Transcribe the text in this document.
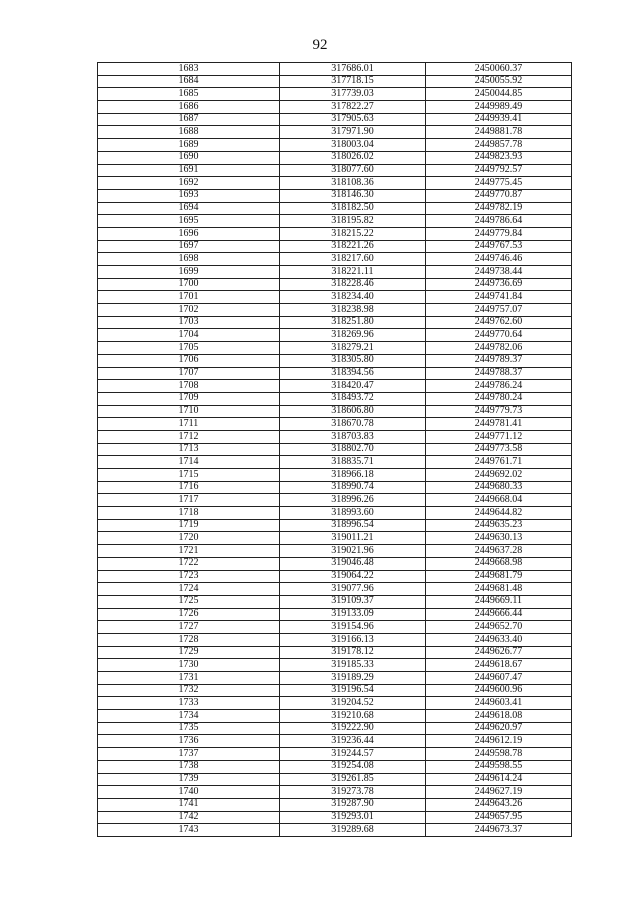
92
1683	317686.01	2450060.37
1684	317718.15	2450055.92
1685	317739.03	2450044.85
1686	317822.27	2449989.49
1687	317905.63	2449939.41
1688	317971.90	2449881.78
1689	318003.04	2449857.78
1690	318026.02	2449823.93
1691	318077.60	2449792.57
1692	318108.36	2449775.45
1693	318146.30	2449770.87
1694	318182.50	2449782.19
1695	318195.82	2449786.64
1696	318215.22	2449779.84
1697	318221.26	2449767.53
1698	318217.60	2449746.46
1699	318221.11	2449738.44
1700	318228.46	2449736.69
1701	318234.40	2449741.84
1702	318238.98	2449757.07
1703	318251.80	2449762.60
1704	318269.96	2449770.64
1705	318279.21	2449782.06
1706	318305.80	2449789.37
1707	318394.56	2449788.37
1708	318420.47	2449786.24
1709	318493.72	2449780.24
1710	318606.80	2449779.73
1711	318670.78	2449781.41
1712	318703.83	2449771.12
1713	318802.70	2449773.58
1714	318835.71	2449761.71
1715	318966.18	2449692.02
1716	318990.74	2449680.33
1717	318996.26	2449668.04
1718	318993.60	2449644.82
1719	318996.54	2449635.23
1720	319011.21	2449630.13
1721	319021.96	2449637.28
1722	319046.48	2449668.98
1723	319064.22	2449681.79
1724	319077.96	2449681.48
1725	319109.37	2449669.11
1726	319133.09	2449666.44
1727	319154.96	2449652.70
1728	319166.13	2449633.40
1729	319178.12	2449626.77
1730	319185.33	2449618.67
1731	319189.29	2449607.47
1732	319196.54	2449600.96
1733	319204.52	2449603.41
1734	319210.68	2449618.08
1735	319222.90	2449620.97
1736	319236.44	2449612.19
1737	319244.57	2449598.78
1738	319254.08	2449598.55
1739	319261.85	2449614.24
1740	319273.78	2449627.19
1741	319287.90	2449643.26
1742	319293.01	2449657.95
1743	319289.68	2449673.37
